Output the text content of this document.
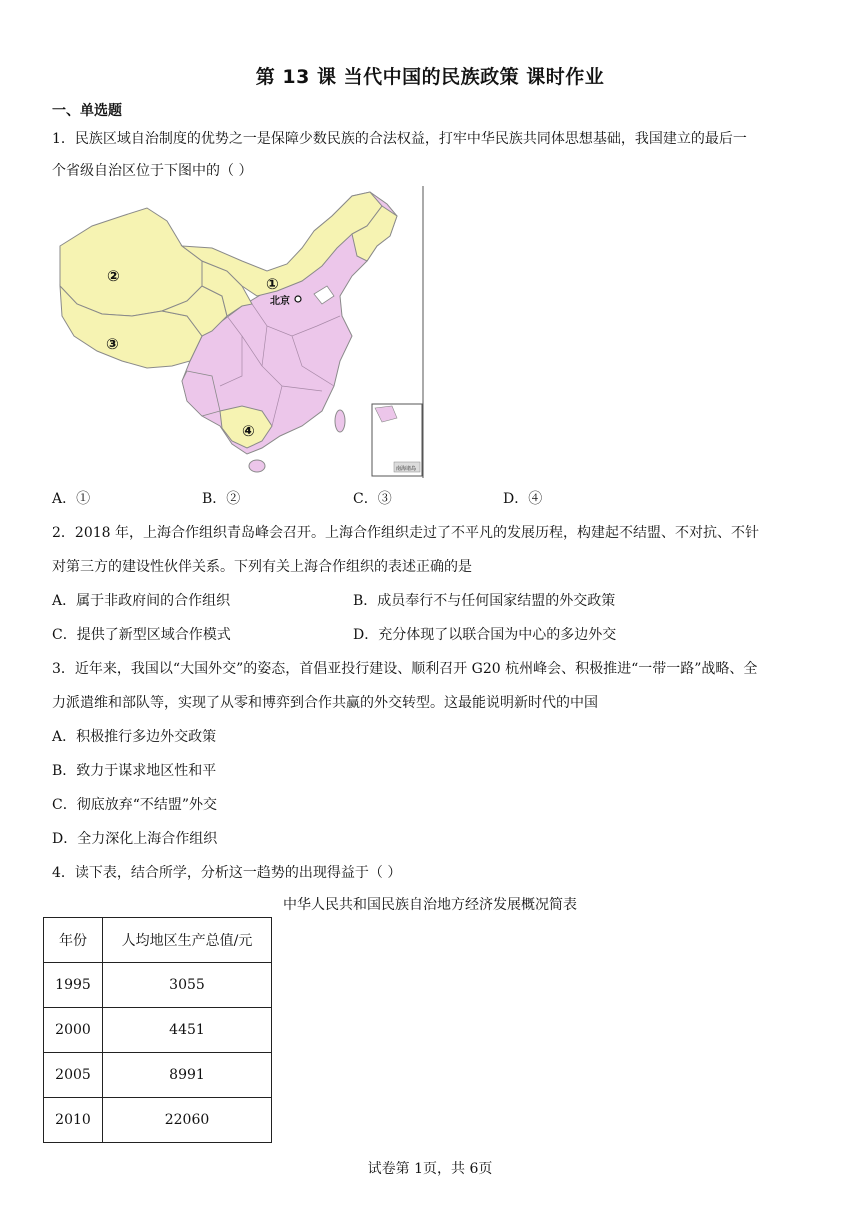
第 13 课 当代中国的民族政策 课时作业
一、单选题
1．民族区域自治制度的优势之一是保障少数民族的合法权益，打牢中华民族共同体思想基础，我国建立的最后一
个省级自治区位于下图中的（ ）
①
②
③
④
北京
南海诸岛
A．①	B．②	C．③	D．④
2．2018 年，上海合作组织青岛峰会召开。上海合作组织走过了不平凡的发展历程，构建起不结盟、不对抗、不针
对第三方的建设性伙伴关系。下列有关上海合作组织的表述正确的是
A．属于非政府间的合作组织	B．成员奉行不与任何国家结盟的外交政策
C．提供了新型区域合作模式	D．充分体现了以联合国为中心的多边外交
3．近年来，我国以“大国外交”的姿态，首倡亚投行建设、顺利召开 G20 杭州峰会、积极推进“一带一路”战略、全
力派遣维和部队等，实现了从零和博弈到合作共赢的外交转型。这最能说明新时代的中国
A．积极推行多边外交政策
B．致力于谋求地区性和平
C．彻底放弃“不结盟”外交
D．全力深化上海合作组织
4．读下表，结合所学，分析这一趋势的出现得益于（ ）
中华人民共和国民族自治地方经济发展概况简表
年份	人均地区生产总值/元
1995	3055
2000	4451
2005	8991
2010	22060
试卷第 1页，共 6页
